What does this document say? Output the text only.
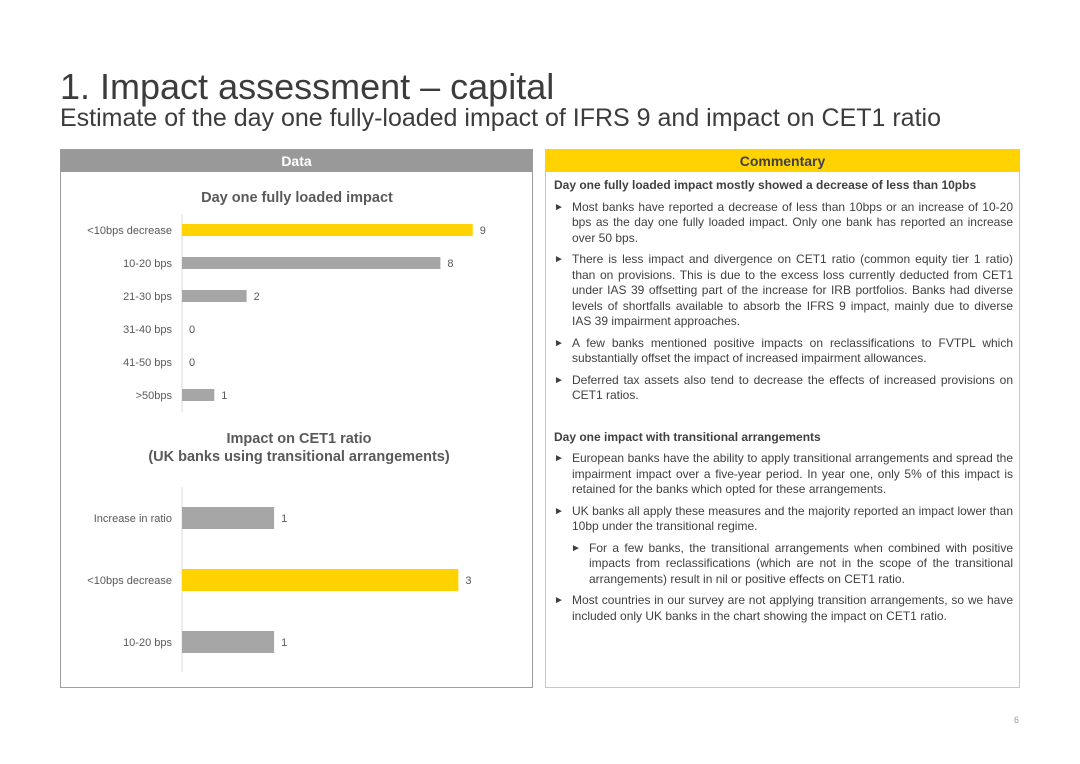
1. Impact assessment – capital
Estimate of the day one fully-loaded impact of IFRS 9 and impact on CET1 ratio
Data
Day one fully loaded impact
<10bps decrease	9
10-20 bps	8
21-30 bps	2
31-40 bps 0
41-50 bps 0
>50bps	1
Impact on CET1 ratio
(UK banks using transitional arrangements)
Increase in ratio	1
<10bps decrease	3
10-20 bps	1
Commentary
Day one fully loaded impact mostly showed a decrease of less than 10pbs
► Most banks have reported a decrease of less than 10bps or an increase of 10-20 bps as the day one fully loaded impact. Only one bank has reported an increase over 50 bps.
► There is less impact and divergence on CET1 ratio (common equity tier 1 ratio) than on provisions. This is due to the excess loss currently deducted from CET1 under IAS 39 offsetting part of the increase for IRB portfolios. Banks had diverse levels of shortfalls available to absorb the IFRS 9 impact, mainly due to diverse IAS 39 impairment approaches.
► A few banks mentioned positive impacts on reclassifications to FVTPL which substantially offset the impact of increased impairment allowances.
► Deferred tax assets also tend to decrease the effects of increased provisions on CET1 ratios.
Day one impact with transitional arrangements
► European banks have the ability to apply transitional arrangements and spread the impairment impact over a five-year period. In year one, only 5% of this impact is retained for the banks which opted for these arrangements.
► UK banks all apply these measures and the majority reported an impact lower than 10bp under the transitional regime.
► For a few banks, the transitional arrangements when combined with positive impacts from reclassifications (which are not in the scope of the transitional arrangements) result in nil or positive effects on CET1 ratio.
► Most countries in our survey are not applying transition arrangements, so we have included only UK banks in the chart showing the impact on CET1 ratio.
6
